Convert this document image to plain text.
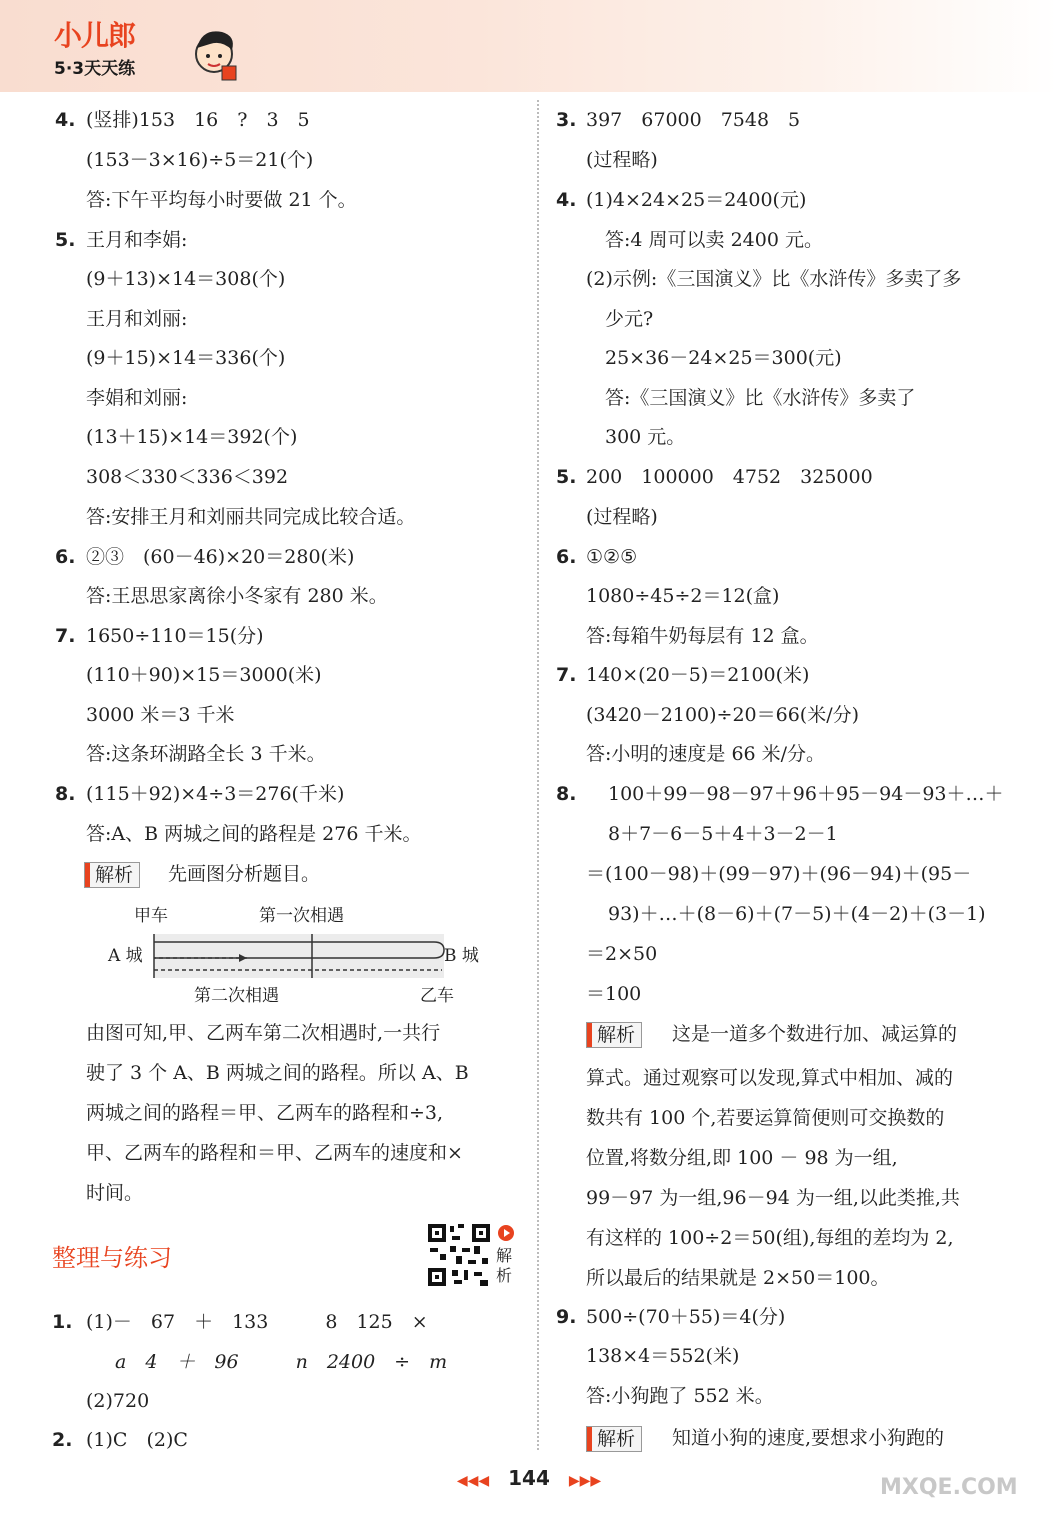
小儿郎
5·3天天练
4. (竖排)153　16　?　3　5
(153－3×16)÷5＝21(个)
答:下午平均每小时要做 21 个。
5. 王月和李娟:
(9＋13)×14＝308(个)
王月和刘丽:
(9＋15)×14＝336(个)
李娟和刘丽:
(13＋15)×14＝392(个)
308＜330＜336＜392
答:安排王月和刘丽共同完成比较合适。
6. ②③　(60－46)×20＝280(米)
答:王思思家离徐小冬家有 280 米。
7. 1650÷110＝15(分)
(110＋90)×15＝3000(米)
3000 米＝3 千米
答:这条环湖路全长 3 千米。
8. (115＋92)×4÷3＝276(千米)
答:A、B 两城之间的路程是 276 千米。
解析	先画图分析题目。
甲车	第一次相遇
A 城	B 城
第二次相遇	乙车
由图可知,甲、乙两车第二次相遇时,一共行
驶了 3 个 A、B 两城之间的路程。所以 A、B
两城之间的路程＝甲、乙两车的路程和÷3,
甲、乙两车的路程和＝甲、乙两车的速度和×
时间。
整理与练习	解析
1. (1)－　67　＋　133　　　8　125　×
a　4　＋　96　　　n　2400　÷　m
(2)720
2. (1)C　(2)C
3. 397　67000　7548　5
(过程略)
4. (1)4×24×25＝2400(元)
　答:4 周可以卖 2400 元。
(2)示例:《三国演义》比《水浒传》多卖了多
　少元?
　25×36－24×25＝300(元)
　答:《三国演义》比《水浒传》多卖了
　300 元。
5. 200　100000　4752　325000
(过程略)
6. ①②⑤
1080÷45÷2＝12(盒)
答:每箱牛奶每层有 12 盒。
7. 140×(20－5)＝2100(米)
(3420－2100)÷20＝66(米/分)
答:小明的速度是 66 米/分。
8. 100＋99－98－97＋96＋95－94－93＋…＋
8＋7－6－5＋4＋3－2－1
＝(100－98)＋(99－97)＋(96－94)＋(95－
93)＋…＋(8－6)＋(7－5)＋(4－2)＋(3－1)
＝2×50
＝100
解析	这是一道多个数进行加、减运算的
算式。通过观察可以发现,算式中相加、减的
数共有 100 个,若要运算简便则可交换数的
位置,将数分组,即 100 － 98 为一组,
99－97 为一组,96－94 为一组,以此类推,共
有这样的 100÷2＝50(组),每组的差均为 2,
所以最后的结果就是 2×50＝100。
9. 500÷(70＋55)＝4(分)
138×4＝552(米)
答:小狗跑了 552 米。
解析	知道小狗的速度,要想求小狗跑的
◀◀◀ 144 ▶▶▶	MXQE.COM
